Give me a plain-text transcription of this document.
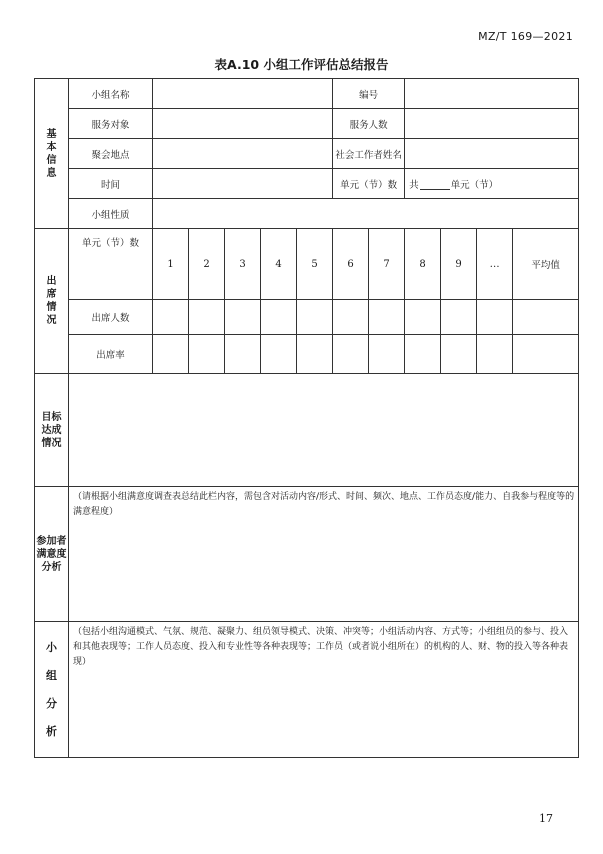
MZ/T 169—2021
表A.10 小组工作评估总结报告
基
本
信
息	小组名称						编号					
	服务对象						服务人数					
	聚会地点						社会工作者姓名					
	时间						单元（节）数		共 单元（节）			
	小组性质											
出
席
情
况	单元（节）数	1	2	3	4	5	6	7	8	9	…	平均值
	出席人数											
	出席率											
目标
达成
情况												
参加者
满意度
分析	（请根据小组满意度调查表总结此栏内容，需包含对活动内容/形式、时间、频次、地点、工作员态度/能力、自我参与程度等的满意程度）											
小
组
分
析	（包括小组沟通模式、气氛、规范、凝聚力、组员领导模式、决策、冲突等；小组活动内容、方式等；小组组员的参与、投入和其他表现等；工作人员态度、投入和专业性等各种表现等；工作员（或者说小组所在）的机构的人、财、物的投入等各种表现）											
17
